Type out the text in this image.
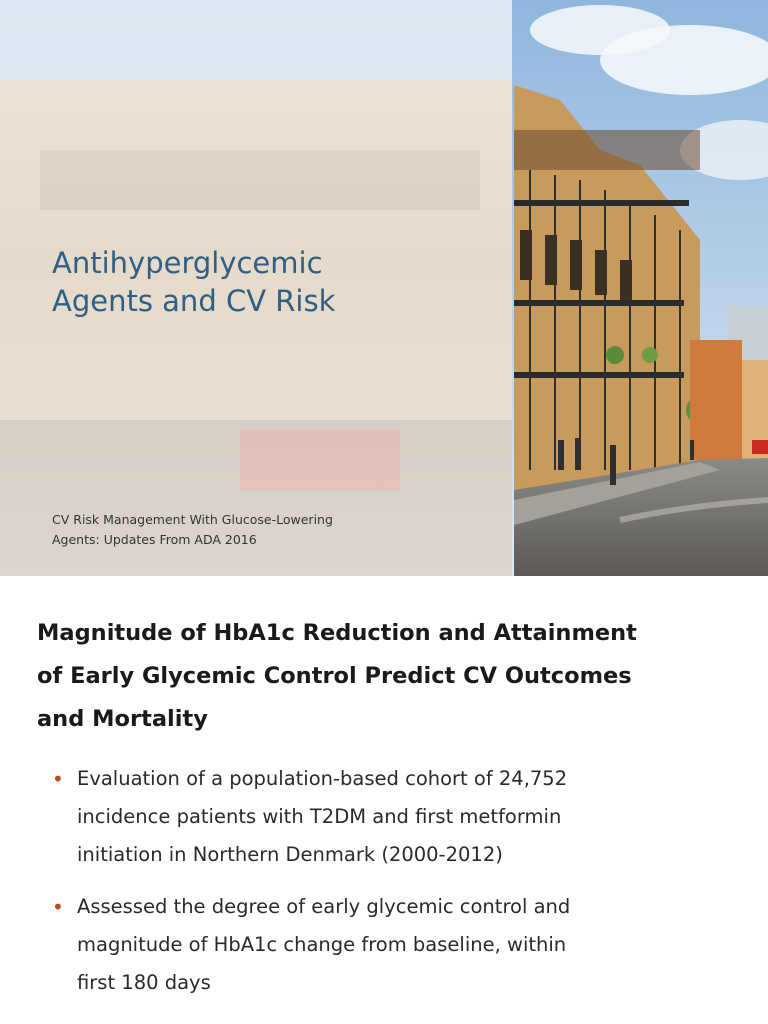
Antihyperglycemic
Agents and CV Risk
CV Risk Management With Glucose-Lowering
Agents: Updates From ADA 2016
Magnitude of HbA1c Reduction and Attainment
of Early Glycemic Control Predict CV Outcomes
and Mortality
• Evaluation of a population-based cohort of 24,752
incidence patients with T2DM and first metformin
initiation in Northern Denmark (2000-2012)
• Assessed the degree of early glycemic control and
magnitude of HbA1c change from baseline, within
first 180 days
